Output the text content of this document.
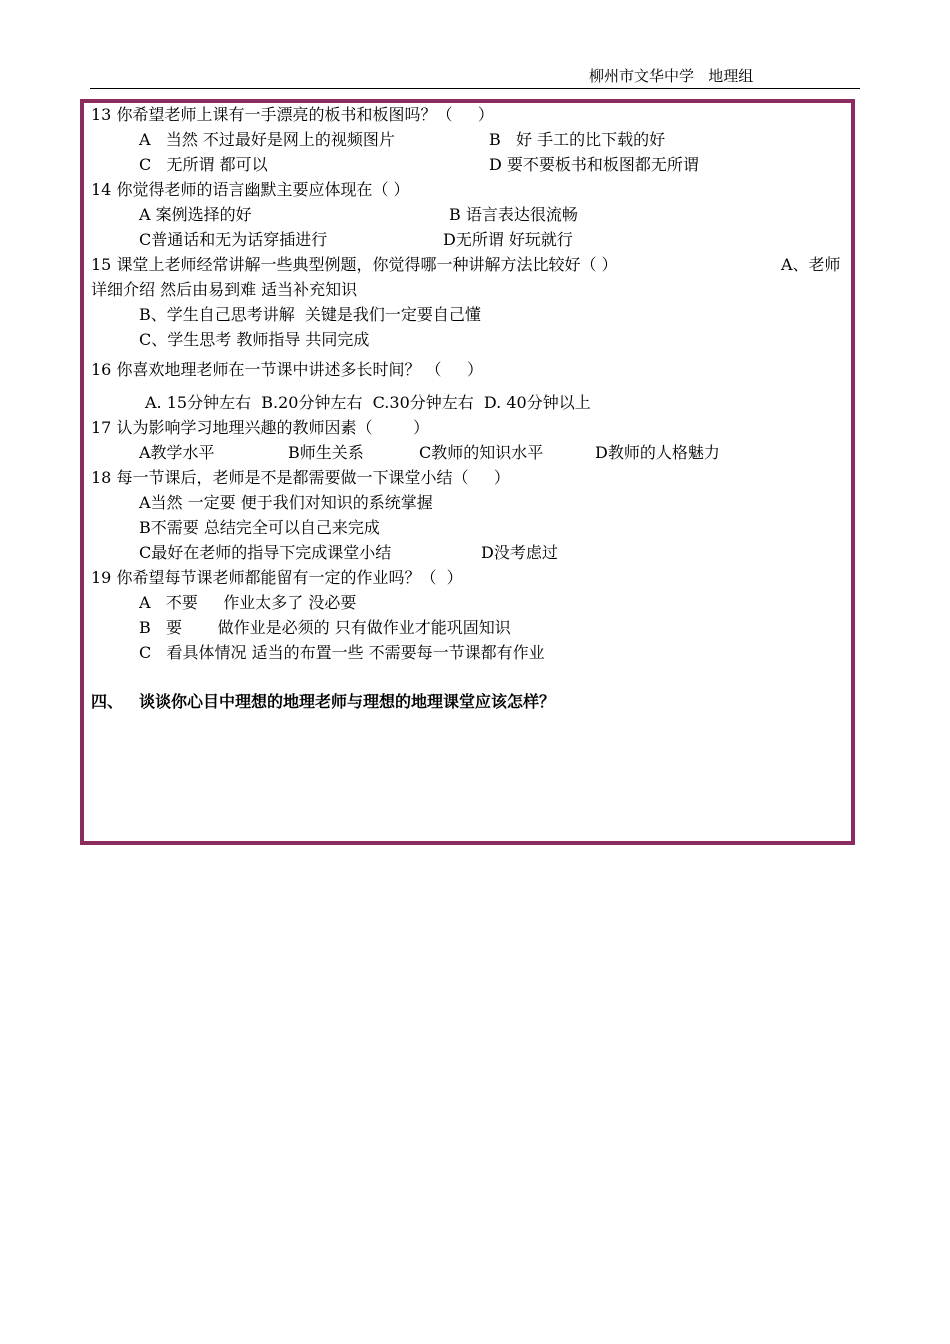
柳州市文华中学   地理组
13 你希望老师上课有一手漂亮的板书和板图吗？（     ）
A   当然 不过最好是网上的视频图片	B   好 手工的比下载的好
C   无所谓 都可以	D 要不要板书和板图都无所谓
14 你觉得老师的语言幽默主要应体现在（ ）
A 案例选择的好	B 语言表达很流畅
C普通话和无为话穿插进行	D无所谓 好玩就行
15 课堂上老师经常讲解一些典型例题，你觉得哪一种讲解方法比较好（ ）	A、老师
详细介绍 然后由易到难 适当补充知识
B、学生自己思考讲解  关键是我们一定要自己懂
C、学生思考 教师指导 共同完成
16 你喜欢地理老师在一节课中讲述多长时间？ （     ）
A. 15分钟左右  B.20分钟左右  C.30分钟左右  D. 40分钟以上
17 认为影响学习地理兴趣的教师因素（        ）
A教学水平	B师生关系	C教师的知识水平	D教师的人格魅力
18 每一节课后，老师是不是都需要做一下课堂小结（     ）
A当然 一定要 便于我们对知识的系统掌握
B不需要 总结完全可以自己来完成
C最好在老师的指导下完成课堂小结	D没考虑过
19 你希望每节课老师都能留有一定的作业吗？（  ）
A   不要     作业太多了 没必要
B   要       做作业是必须的 只有做作业才能巩固知识
C   看具体情况 适当的布置一些 不需要每一节课都有作业
四、 谈谈你心目中理想的地理老师与理想的地理课堂应该怎样？
